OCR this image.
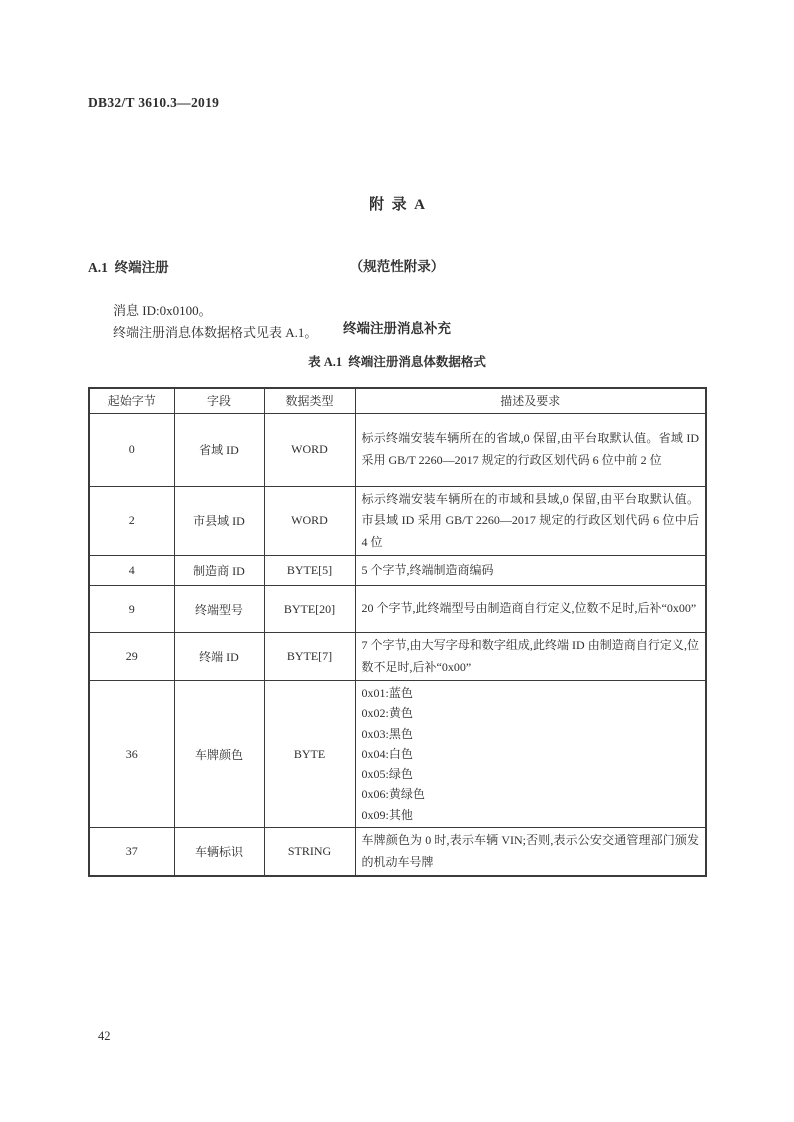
DB32/T 3610.3—2019

附  录  A

（规范性附录）

终端注册消息补充

A.1  终端注册
消息 ID:0x0100。
终端注册消息体数据格式见表 A.1。
表 A.1  终端注册消息体数据格式
起始字节	字段	数据类型	描述及要求
0	省域 ID	WORD	标示终端安装车辆所在的省域,0 保留,由平台取默认值。省域 ID 采用 GB/T 2260—2017 规定的行政区划代码 6 位中前 2 位
2	市县域 ID	WORD	标示终端安装车辆所在的市域和县域,0 保留,由平台取默认值。市县域 ID 采用 GB/T 2260—2017 规定的行政区划代码 6 位中后 4 位
4	制造商 ID	BYTE[5]	5 个字节,终端制造商编码
9	终端型号	BYTE[20]	20 个字节,此终端型号由制造商自行定义,位数不足时,后补“0x00”
29	终端 ID	BYTE[7]	7 个字节,由大写字母和数字组成,此终端 ID 由制造商自行定义,位数不足时,后补“0x00”
36	车牌颜色	BYTE	
0x01:蓝色
0x02:黄色
0x03:黑色
0x04:白色
0x05:绿色
0x06:黄绿色
0x09:其他

37	车辆标识	STRING	车牌颜色为 0 时,表示车辆 VIN;否则,表示公安交通管理部门颁发的机动车号牌
42
